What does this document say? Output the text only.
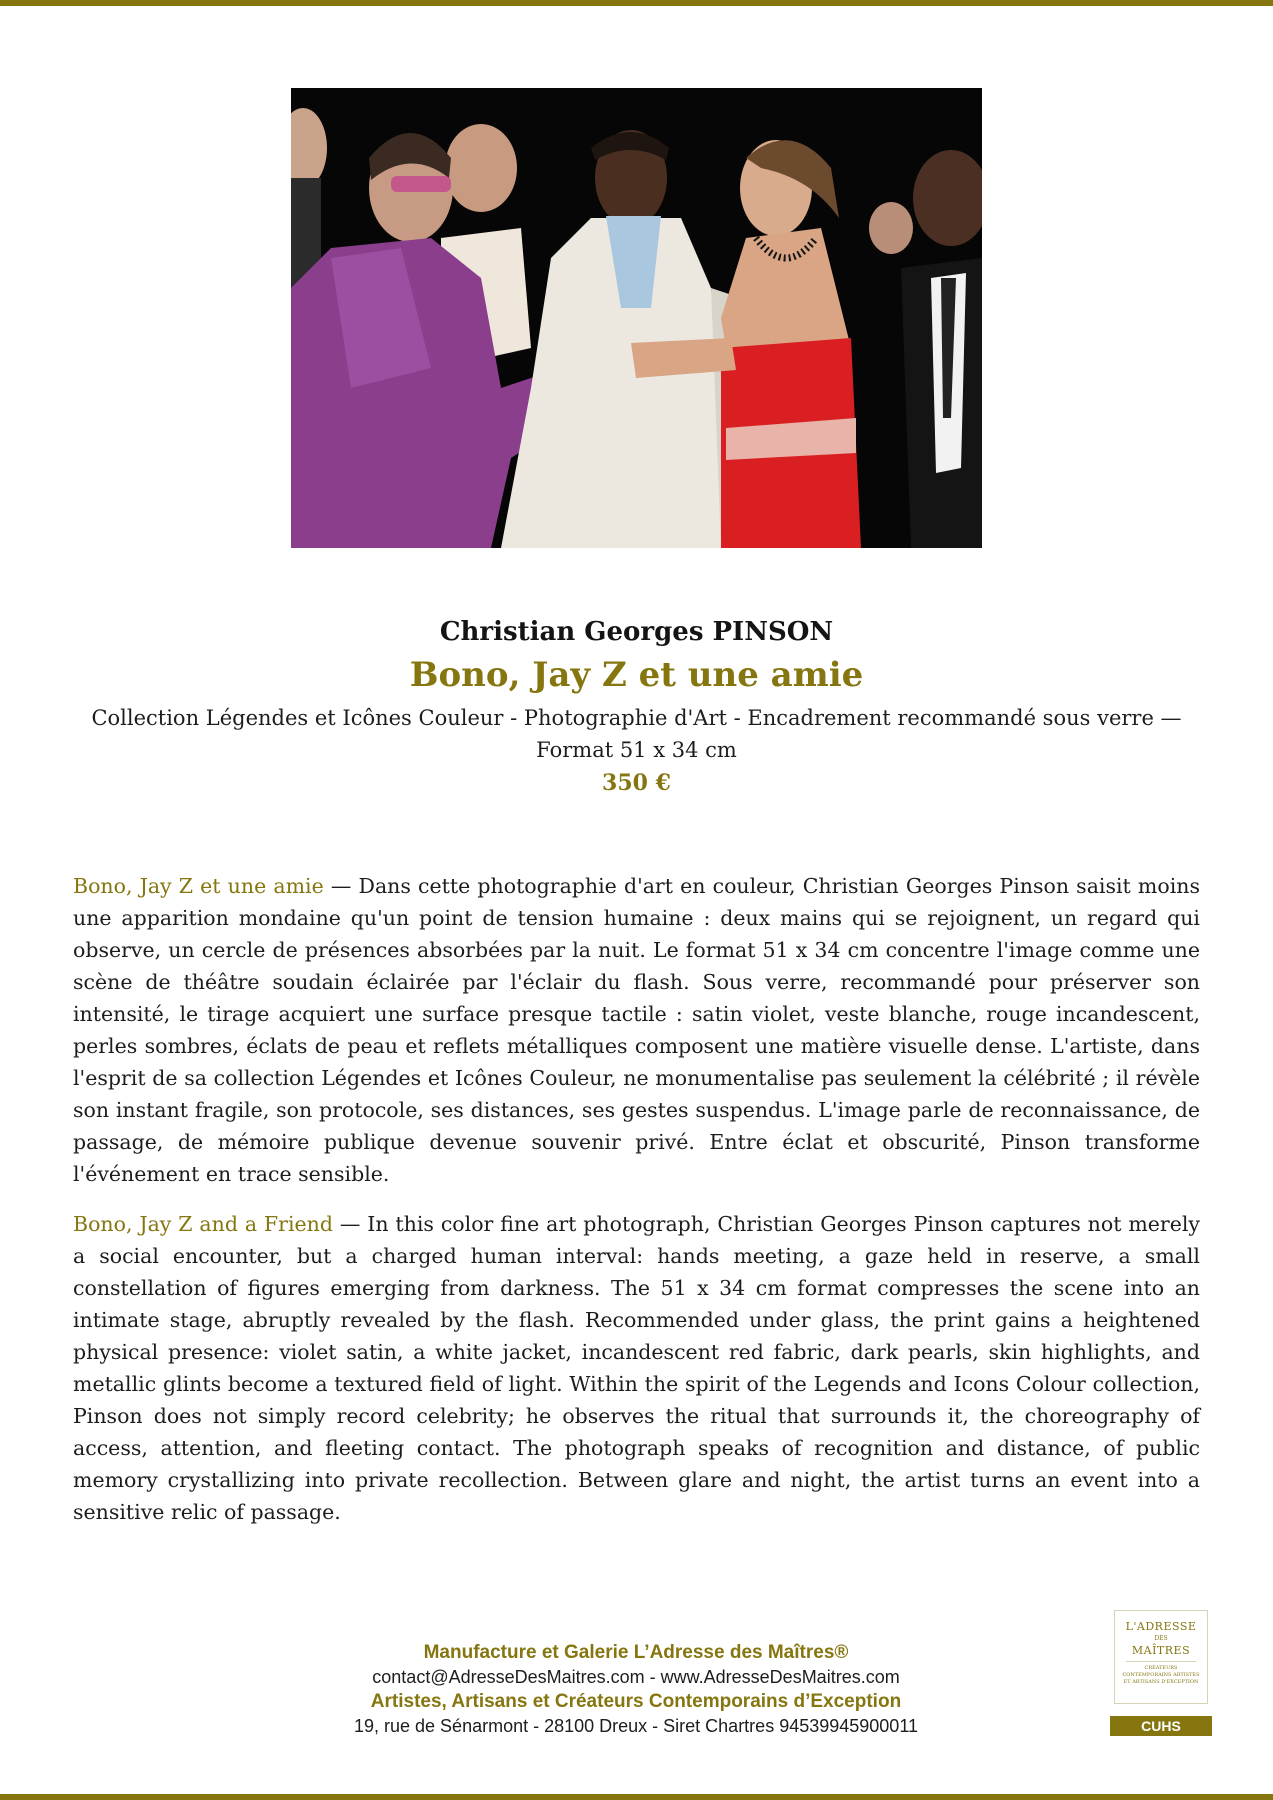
Christian Georges PINSON
Bono, Jay Z et une amie
Collection Légendes et Icônes Couleur - Photographie d'Art - Encadrement recommandé sous verre — Format 51 x 34 cm
350 €

Bono, Jay Z et une amie — Dans cette photographie d'art en couleur, Christian Georges Pinson saisit moins une apparition mondaine qu'un point de tension humaine : deux mains qui se rejoignent, un regard qui observe, un cercle de présences absorbées par la nuit. Le format 51 x 34 cm concentre l'image comme une scène de théâtre soudain éclairée par l'éclair du flash. Sous verre, recommandé pour préserver son intensité, le tirage acquiert une surface presque tactile : satin violet, veste blanche, rouge incandescent, perles sombres, éclats de peau et reflets métalliques composent une matière visuelle dense. L'artiste, dans l'esprit de sa collection Légendes et Icônes Couleur, ne monumentalise pas seulement la célébrité ; il révèle son instant fragile, son protocole, ses distances, ses gestes suspendus. L'image parle de reconnaissance, de passage, de mémoire publique devenue souvenir privé. Entre éclat et obscurité, Pinson transforme l'événement en trace sensible.

Bono, Jay Z and a Friend — In this color fine art photograph, Christian Georges Pinson captures not merely a social encounter, but a charged human interval: hands meeting, a gaze held in reserve, a small constellation of figures emerging from darkness. The 51 x 34 cm format compresses the scene into an intimate stage, abruptly revealed by the flash. Recommended under glass, the print gains a heightened physical presence: violet satin, a white jacket, incandescent red fabric, dark pearls, skin highlights, and metallic glints become a textured field of light. Within the spirit of the Legends and Icons Colour collection, Pinson does not simply record celebrity; he observes the ritual that surrounds it, the choreography of access, attention, and fleeting contact. The photograph speaks of recognition and distance, of public memory crystallizing into private recollection. Between glare and night, the artist turns an event into a sensitive relic of passage.

Manufacture et Galerie L’Adresse des Maîtres®
contact@AdresseDesMaitres.com - www.AdresseDesMaitres.com
Artistes, Artisans et Créateurs Contemporains d’Exception
19, rue de Sénarmont - 28100 Dreux - Siret Chartres 94539945900011
L'ADRESSE
DES
MAÎTRES
CRÉATEURS CONTEMPORAINS ARTISTES ET ARTISANS D'EXCEPTION
CUHS
